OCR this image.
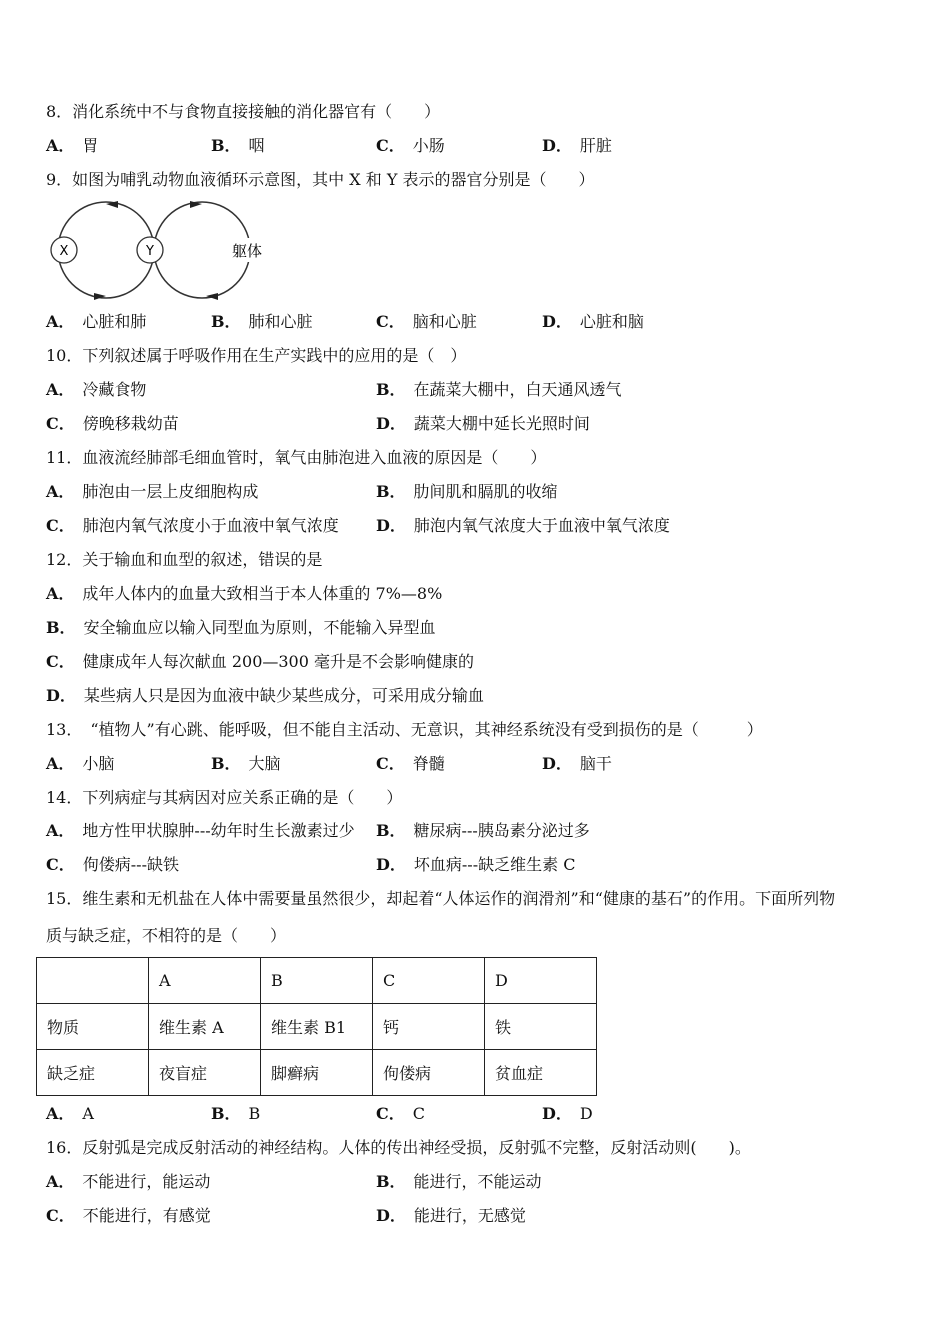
8．消化系统中不与食物直接接触的消化器官有（　　）
A． 胃	B． 咽	C． 小肠	D． 肝脏
9．如图为哺乳动物血液循环示意图，其中 X 和 Y 表示的器官分别是（　　）
X	Y	躯体
A． 心脏和肺	B． 肺和心脏	C． 脑和心脏	D． 心脏和脑
10．下列叙述属于呼吸作用在生产实践中的应用的是（　）
A． 冷藏食物	B． 在蔬菜大棚中，白天通风透气
C． 傍晚移栽幼苗	D． 蔬菜大棚中延长光照时间
11．血液流经肺部毛细血管时，氧气由肺泡进入血液的原因是（　　）
A． 肺泡由一层上皮细胞构成	B． 肋间肌和膈肌的收缩
C． 肺泡内氧气浓度小于血液中氧气浓度 D． 肺泡内氧气浓度大于血液中氧气浓度
12．关于输血和血型的叙述，错误的是
A． 成年人体内的血量大致相当于本人体重的 7%—8%
B． 安全输血应以输入同型血为原则，不能输入异型血
C． 健康成年人每次献血 200—300 毫升是不会影响健康的
D． 某些病人只是因为血液中缺少某些成分，可采用成分输血
13．　“植物人”有心跳、能呼吸，但不能自主活动、无意识，其神经系统没有受到损伤的是（　　　）
A． 小脑	B． 大脑	C． 脊髓	D． 脑干
14．下列病症与其病因对应关系正确的是（　　）
A． 地方性甲状腺肿---幼年时生长激素过少 B． 糖尿病---胰岛素分泌过多
C． 佝偻病---缺铁	D． 坏血病---缺乏维生素 C
15．维生素和无机盐在人体中需要量虽然很少，却起着“人体运作的润滑剂”和“健康的基石”的作用。下面所列物
质与缺乏症，不相符的是（　　）
	A	B	C	D
物质	维生素 A	维生素 B1	钙	铁
缺乏症	夜盲症	脚癣病	佝偻病	贫血症
A． A	B． B	C． C	D． D
16．反射弧是完成反射活动的神经结构。人体的传出神经受损，反射弧不完整，反射活动则(　　)。
A． 不能进行，能运动	B． 能进行，不能运动
C． 不能进行，有感觉	D． 能进行，无感觉
